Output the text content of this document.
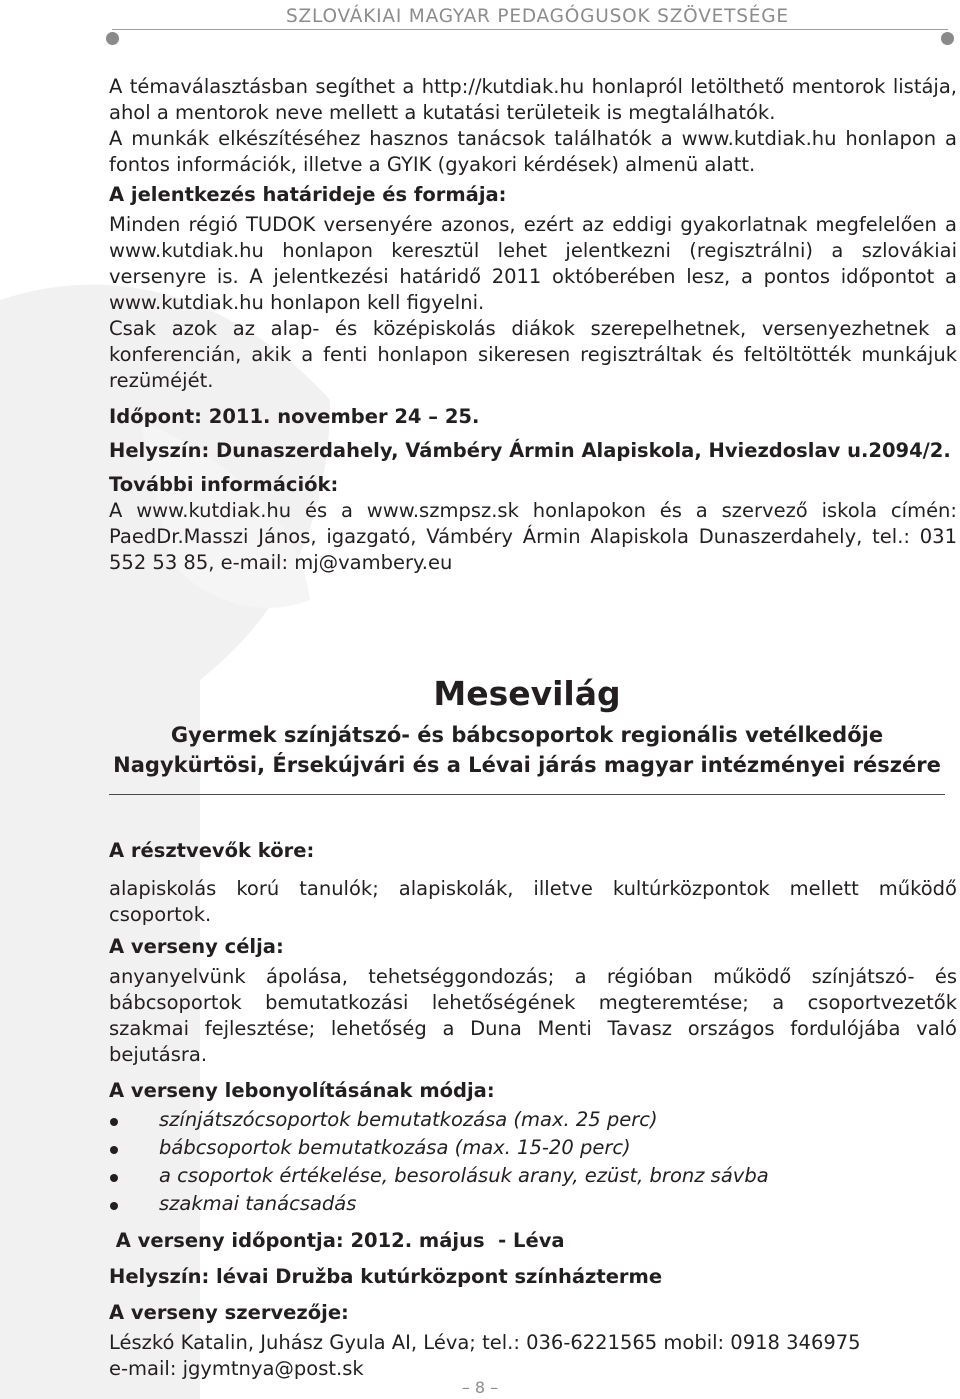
SZLOVÁKIAI MAGYAR PEDAGÓGUSOK SZÖVETSÉGE

A témaválasztásban segíthet a http://kutdiak.hu honlapról letölthető mentorok listája, ahol a mentorok neve mellett a kutatási területeik is megtalálhatók.

A munkák elkészítéséhez hasznos tanácsok találhatók a www.kutdiak.hu honlapon a fontos információk, illetve a GYIK (gyakori kérdések) almenü alatt.

A jelentkezés határideje és formája:

Minden régió TUDOK versenyére azonos, ezért az eddigi gyakorlatnak megfelelően a www.kutdiak.hu honlapon keresztül lehet jelentkezni (regisztrálni) a szlovákiai versenyre is. A jelentkezési határidő 2011 októberében lesz, a pontos időpontot a www.kutdiak.hu honlapon kell figyelni.

Csak azok az alap- és középiskolás diákok szerepelhetnek, versenyezhetnek a konferencián, akik a fenti honlapon sikeresen regisztráltak és feltöltötték munkájuk rezüméjét.

Időpont: 2011. november 24 – 25.

Helyszín: Dunaszerdahely, Vámbéry Ármin Alapiskola, Hviezdoslav u.2094/2.

További információk:

A www.kutdiak.hu és a www.szmpsz.sk honlapokon és a szervező iskola címén: PaedDr.Masszi János, igazgató, Vámbéry Ármin Alapiskola Dunaszerdahely, tel.: 031 552 53 85, e-mail: mj@vambery.eu

Mesevilág

Gyermek színjátszó- és bábcsoportok regionális vetélkedője

Nagykürtösi, Érsekújvári és a Lévai járás magyar intézményei részére

A résztvevők köre:

alapiskolás korú tanulók; alapiskolák, illetve kultúrközpontok mellett működő csoportok.

A verseny célja:

anyanyelvünk ápolása, tehetséggondozás; a régióban működő színjátszó- és bábcsoportok bemutatkozási lehetőségének megteremtése; a csoportvezetők szakmai fejlesztése; lehetőség a Duna Menti Tavasz országos fordulójába való bejutásra.

A verseny lebonyolításának módja:

színjátszócsoportok bemutatkozása (max. 25 perc)
bábcsoportok bemutatkozása (max. 15-20 perc)
a csoportok értékelése, besorolásuk arany, ezüst, bronz sávba
szakmai tanácsadás

A verseny időpontja: 2012. május  - Léva

Helyszín: lévai Družba kutúrközpont színházterme

A verseny szervezője:

Lészkó Katalin, Juhász Gyula AI, Léva; tel.: 036-6221565 mobil: 0918 346975

e-mail: jgymtnya@post.sk

– 8 –
